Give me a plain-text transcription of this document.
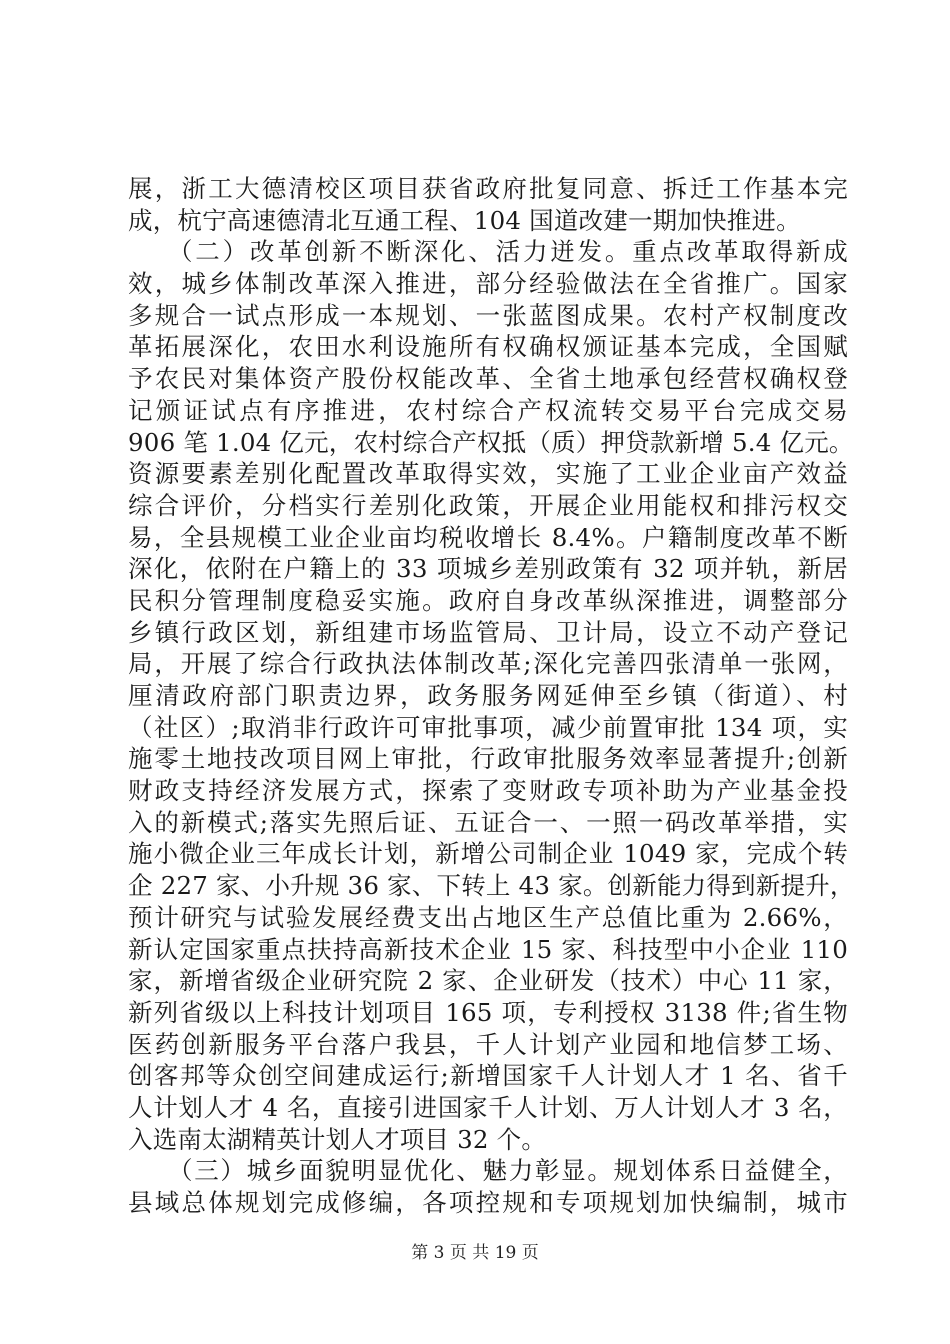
展，浙工大德清校区项目获省政府批复同意、拆迁工作基本完
成，杭宁高速德清北互通工程、104 国道改建一期加快推进。
（二）改革创新不断深化、活力迸发。重点改革取得新成
效，城乡体制改革深入推进，部分经验做法在全省推广。国家
多规合一试点形成一本规划、一张蓝图成果。农村产权制度改
革拓展深化，农田水利设施所有权确权颁证基本完成，全国赋
予农民对集体资产股份权能改革、全省土地承包经营权确权登
记颁证试点有序推进，农村综合产权流转交易平台完成交易
906 笔 1.04 亿元，农村综合产权抵（质）押贷款新增 5.4 亿元。
资源要素差别化配置改革取得实效，实施了工业企业亩产效益
综合评价，分档实行差别化政策，开展企业用能权和排污权交
易，全县规模工业企业亩均税收增长 8.4%。户籍制度改革不断
深化，依附在户籍上的 33 项城乡差别政策有 32 项并轨，新居
民积分管理制度稳妥实施。政府自身改革纵深推进，调整部分
乡镇行政区划，新组建市场监管局、卫计局，设立不动产登记
局，开展了综合行政执法体制改革;深化完善四张清单一张网，
厘清政府部门职责边界，政务服务网延伸至乡镇（街道）、村
（社区）;取消非行政许可审批事项，减少前置审批 134 项，实
施零土地技改项目网上审批，行政审批服务效率显著提升;创新
财政支持经济发展方式，探索了变财政专项补助为产业基金投
入的新模式;落实先照后证、五证合一、一照一码改革举措，实
施小微企业三年成长计划，新增公司制企业 1049 家，完成个转
企 227 家、小升规 36 家、下转上 43 家。创新能力得到新提升，
预计研究与试验发展经费支出占地区生产总值比重为 2.66%，
新认定国家重点扶持高新技术企业 15 家、科技型中小企业 110
家，新增省级企业研究院 2 家、企业研发（技术）中心 11 家，
新列省级以上科技计划项目 165 项，专利授权 3138 件;省生物
医药创新服务平台落户我县，千人计划产业园和地信梦工场、
创客邦等众创空间建成运行;新增国家千人计划人才 1 名、省千
人计划人才 4 名，直接引进国家千人计划、万人计划人才 3 名，
入选南太湖精英计划人才项目 32 个。
（三）城乡面貌明显优化、魅力彰显。规划体系日益健全，
县域总体规划完成修编，各项控规和专项规划加快编制，城市
第 3 页 共 19 页
